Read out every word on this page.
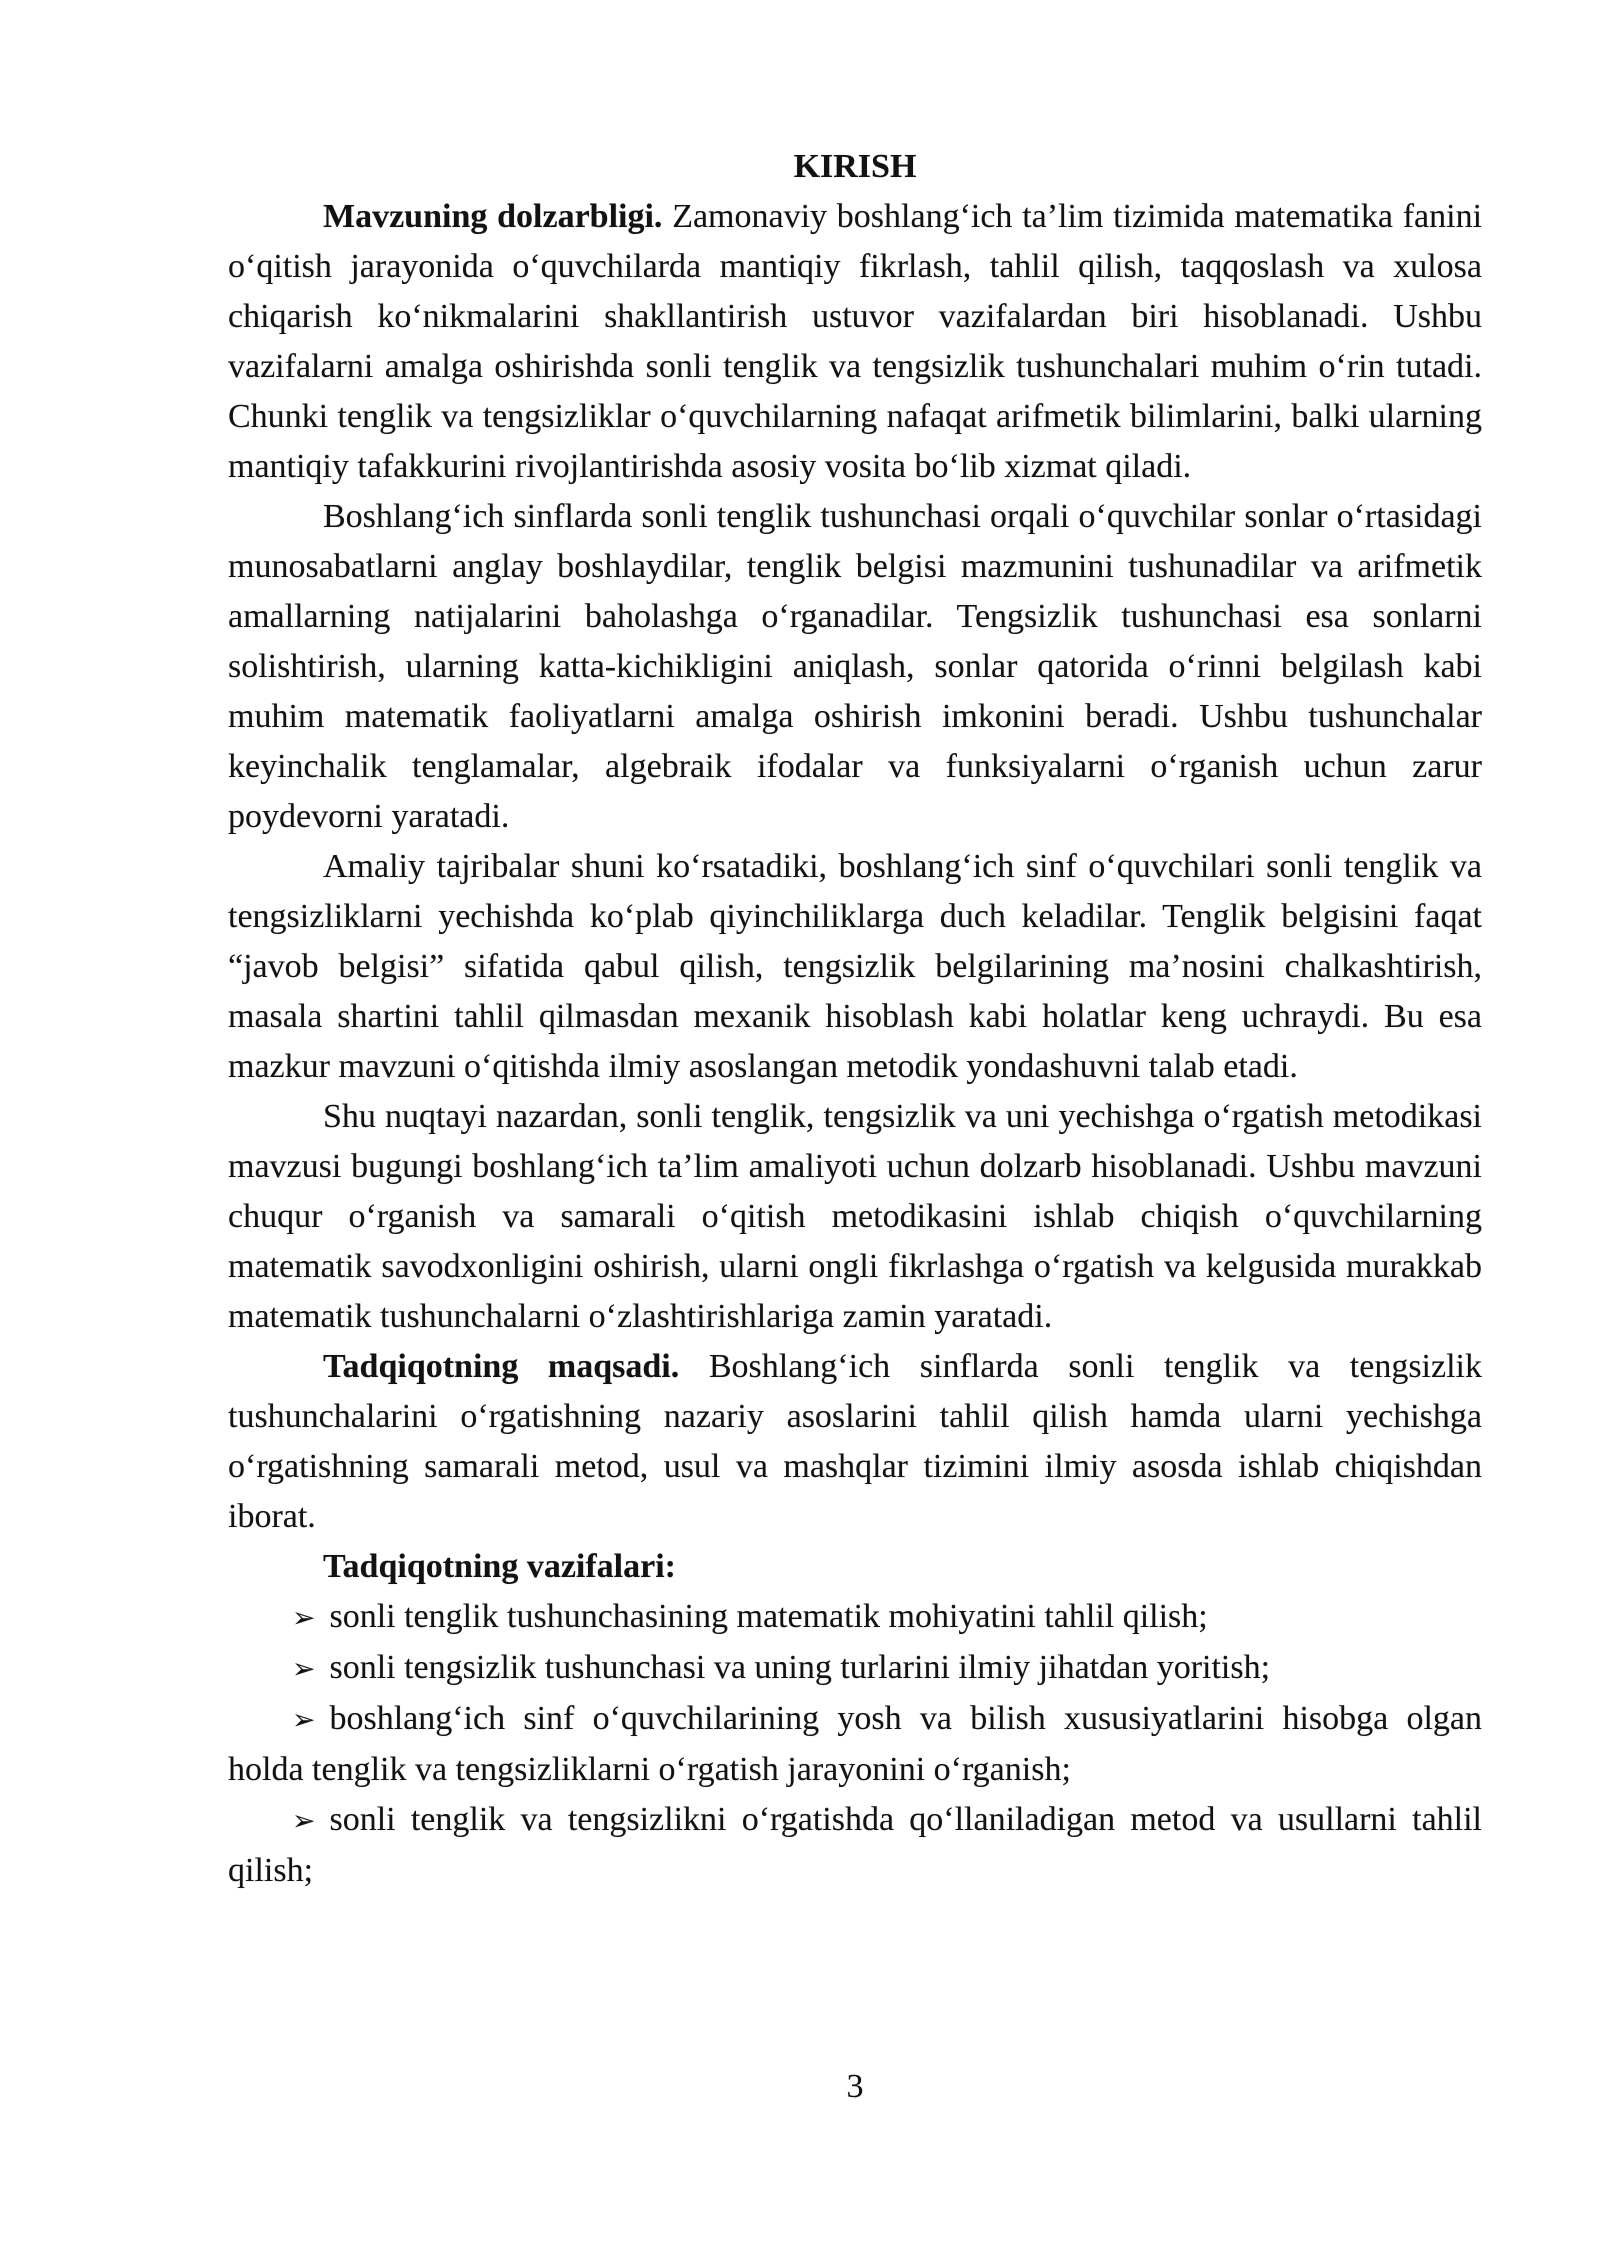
KIRISH

Mavzuning dolzarbligi. Zamonaviy boshlang‘ich ta’lim tizimida matematika fanini o‘qitish jarayonida o‘quvchilarda mantiqiy fikrlash, tahlil qilish, taqqoslash va xulosa chiqarish ko‘nikmalarini shakllantirish ustuvor vazifalardan biri hisoblanadi. Ushbu vazifalarni amalga oshirishda sonli tenglik va tengsizlik tushunchalari muhim o‘rin tutadi. Chunki tenglik va tengsizliklar o‘quvchilarning nafaqat arifmetik bilimlarini, balki ularning mantiqiy tafakkurini rivojlantirishda asosiy vosita bo‘lib xizmat qiladi.

Boshlang‘ich sinflarda sonli tenglik tushunchasi orqali o‘quvchilar sonlar o‘rtasidagi munosabatlarni anglay boshlaydilar, tenglik belgisi mazmunini tushunadilar va arifmetik amallarning natijalarini baholashga o‘rganadilar. Tengsizlik tushunchasi esa sonlarni solishtirish, ularning katta-kichikligini aniqlash, sonlar qatorida o‘rinni belgilash kabi muhim matematik faoliyatlarni amalga oshirish imkonini beradi. Ushbu tushunchalar keyinchalik tenglamalar, algebraik ifodalar va funksiyalarni o‘rganish uchun zarur poydevorni yaratadi.

Amaliy tajribalar shuni ko‘rsatadiki, boshlang‘ich sinf o‘quvchilari sonli tenglik va tengsizliklarni yechishda ko‘plab qiyinchiliklarga duch keladilar. Tenglik belgisini faqat “javob belgisi” sifatida qabul qilish, tengsizlik belgilarining ma’nosini chalkashtirish, masala shartini tahlil qilmasdan mexanik hisoblash kabi holatlar keng uchraydi. Bu esa mazkur mavzuni o‘qitishda ilmiy asoslangan metodik yondashuvni talab etadi.

Shu nuqtayi nazardan, sonli tenglik, tengsizlik va uni yechishga o‘rgatish metodikasi mavzusi bugungi boshlang‘ich ta’lim amaliyoti uchun dolzarb hisoblanadi. Ushbu mavzuni chuqur o‘rganish va samarali o‘qitish metodikasini ishlab chiqish o‘quvchilarning matematik savodxonligini oshirish, ularni ongli fikrlashga o‘rgatish va kelgusida murakkab matematik tushunchalarni o‘zlashtirishlariga zamin yaratadi.

Tadqiqotning maqsadi. Boshlang‘ich sinflarda sonli tenglik va tengsizlik tushunchalarini o‘rgatishning nazariy asoslarini tahlil qilish hamda ularni yechishga o‘rgatishning samarali metod, usul va mashqlar tizimini ilmiy asosda ishlab chiqishdan iborat.

Tadqiqotning vazifalari:

➢ sonli tenglik tushunchasining matematik mohiyatini tahlil qilish;

➢ sonli tengsizlik tushunchasi va uning turlarini ilmiy jihatdan yoritish;

➢ boshlang‘ich sinf o‘quvchilarining yosh va bilish xususiyatlarini hisobga olgan holda tenglik va tengsizliklarni o‘rgatish jarayonini o‘rganish;

➢ sonli tenglik va tengsizlikni o‘rgatishda qo‘llaniladigan metod va usullarni tahlil qilish;

3
